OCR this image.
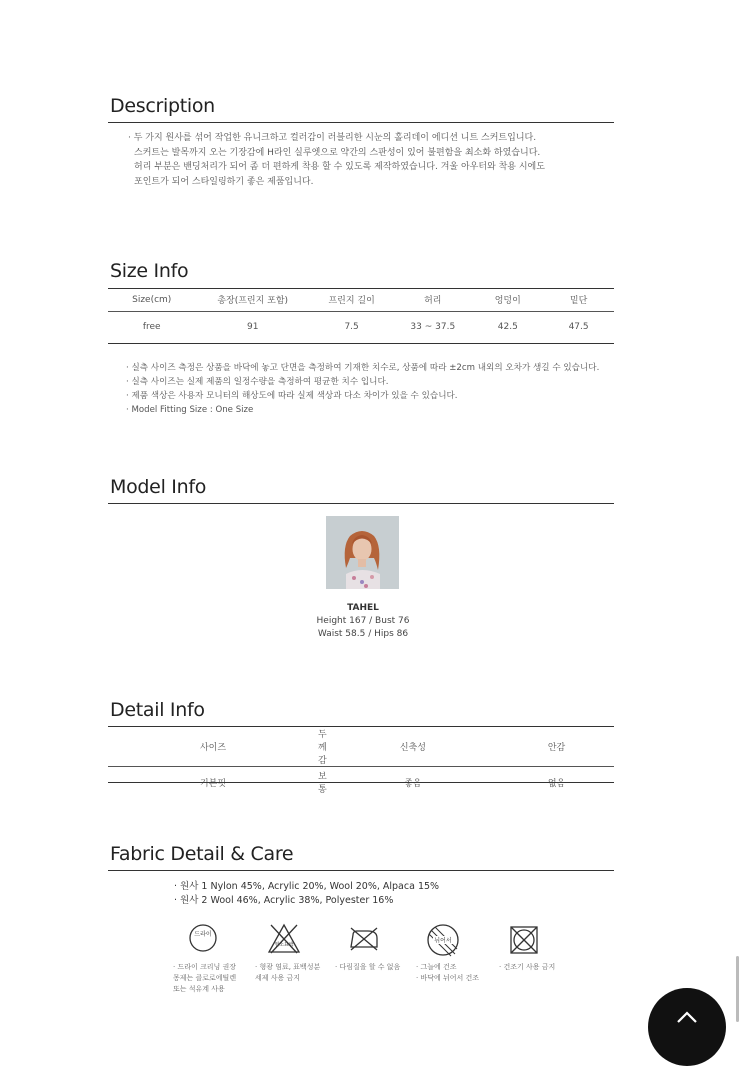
Description
· 두 가지 원사를 섞어 작업한 유니크하고 컬러감이 러블리한 시눈의 홀리데이 에디션 니트 스커트입니다.
스커트는 발목까지 오는 기장감에 H라인 실루엣으로 약간의 스판성이 있어 불편함을 최소화 하였습니다.
허리 부분은 밴딩처리가 되어 좀 더 편하게 착용 할 수 있도록 제작하였습니다. 겨울 아우터와 착용 시에도
포인트가 되어 스타일링하기 좋은 제품입니다.
Size Info
Size(cm)	총장(프린지 포함)	프린지 길이	허리	엉덩이	밑단
free	91	7.5	33 ~ 37.5	42.5	47.5
· 실측 사이즈 측정은 상품을 바닥에 놓고 단면을 측정하여 기재한 치수로, 상품에 따라 ±2cm 내외의 오차가 생길 수 있습니다.
· 실측 사이즈는 실제 제품의 일정수량을 측정하여 평균한 치수 입니다.
· 제품 색상은 사용자 모니터의 해상도에 따라 실제 색상과 다소 차이가 있을 수 있습니다.
· Model Fitting Size : One Size
Model Info
TAHEL
Height 167 / Bust 76
Waist 58.5 / Hips 86
Detail Info
사이즈	두께감	신축성	안감
기본핏	보통	좋음	없음
Fabric Detail & Care
· 원사 1 Nylon 45%, Acrylic 20%, Wool 20%, Alpaca 15%
· 원사 2 Wool 46%, Acrylic 38%, Polyester 16%
드라이
염소표백
뉘어서
· 드라이 크리닝 권장
몽제는 클로로에틸렌
또는 석유계 사용
· 형광 염료, 표백성분
세제 사용 금지
· 다림질을 할 수 없음 · 그늘에 건조
· 바닥에 뉘어서 건조
· 건조기 사용 금지
